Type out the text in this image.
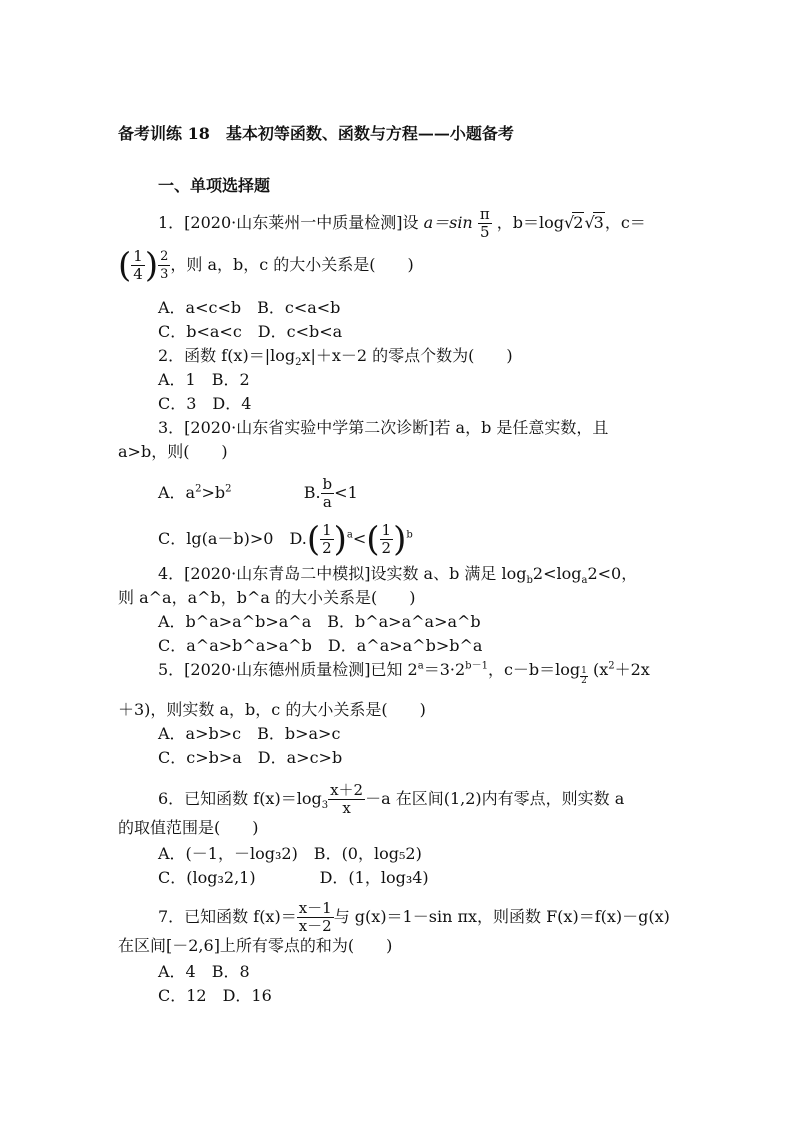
备考训练 18　基本初等函数、函数与方程——小题备考
一、单项选择题
1．[2020·山东莱州一中质量检测]设 $a=\sin \frac{\pi}{5}$ ，b＝log√2√3，c＝
( $\frac{1}{4}$ ) $\frac{2}{3}$ ，则 a，b，c 的大小关系是(　　)
A．a<c<b　B．c<a<b
C．b<a<c　D．c<b<a
2．函数 $f(x)=|\log_2x|+x-2$ 的零点个数为(　　)
A．1　B．2
C．3　D．4
3．[2020·山东省实验中学第二次诊断]若 a，b 是任意实数，且
a>b，则(　　)
A．$a^2>b^2$	B. $\frac{b}{a} <1$
C．lg(a－b)>0　$D.( \frac{1}{2} )^a<( \frac{1}{2} )^b$
4．[2020·山东青岛二中模拟]设实数 a、b 满足 $\log_b2<\log_a2<0$，
则 a^a，a^b，b^a 的大小关系是(　　)
A．b^a>a^b>a^a　B．b^a>a^a>a^b
C．a^a>b^a>a^b　D．a^a>a^b>b^a
5．[2020·山东德州质量检测]已知 $2^a=3\cdot 2^{b-1}$，$c-b=\log \frac{1}{2} (x^2+2x$
＋3)，则实数 a，b，c 的大小关系是(　　)
A．a>b>c　B．b>a>c
C．c>b>a　D．a>c>b
6．已知函数 $f(x)=\log_3 \frac{x+2}{x} -a$ 在区间(1,2)内有零点，则实数 a
的取值范围是(　　)
A．(－1，－log₃2)　B．(0，log₅2)
C．(log₃2,1)　　　　D．(1，log₃4)
7．已知函数 $f(x)= \frac{x-1}{x-2}$ 与 g(x)＝1－sin πx，则函数 F(x)＝f(x)－g(x)
在区间[－2,6]上所有零点的和为(　　)
A．4　B．8
C．12　D．16
